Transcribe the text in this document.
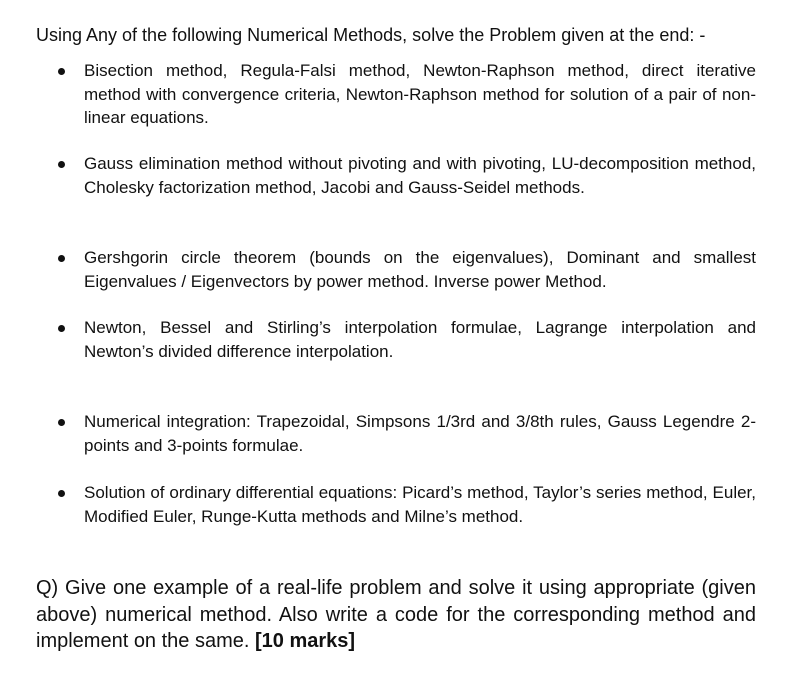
Using Any of the following Numerical Methods, solve the Problem given at the end: -
Bisection method, Regula-Falsi method, Newton-Raphson method, direct iterative method with convergence criteria, Newton-Raphson method for solution of a pair of non-linear equations.
Gauss elimination method without pivoting and with pivoting, LU-decomposition method, Cholesky factorization method, Jacobi and Gauss-Seidel methods.
Gershgorin circle theorem (bounds on the eigenvalues), Dominant and smallest Eigenvalues / Eigenvectors by power method. Inverse power Method.
Newton, Bessel and Stirling’s interpolation formulae, Lagrange interpolation and Newton’s divided difference interpolation.
Numerical integration: Trapezoidal, Simpsons 1/3rd and 3/8th rules, Gauss Legendre 2- points and 3-points formulae.
Solution of ordinary differential equations: Picard’s method, Taylor’s series method, Euler, Modified Euler, Runge-Kutta methods and Milne’s method.

Q) Give one example of a real-life problem and solve it using appropriate (given above) numerical method. Also write a code for the corresponding method and implement on the same. [10 marks]
